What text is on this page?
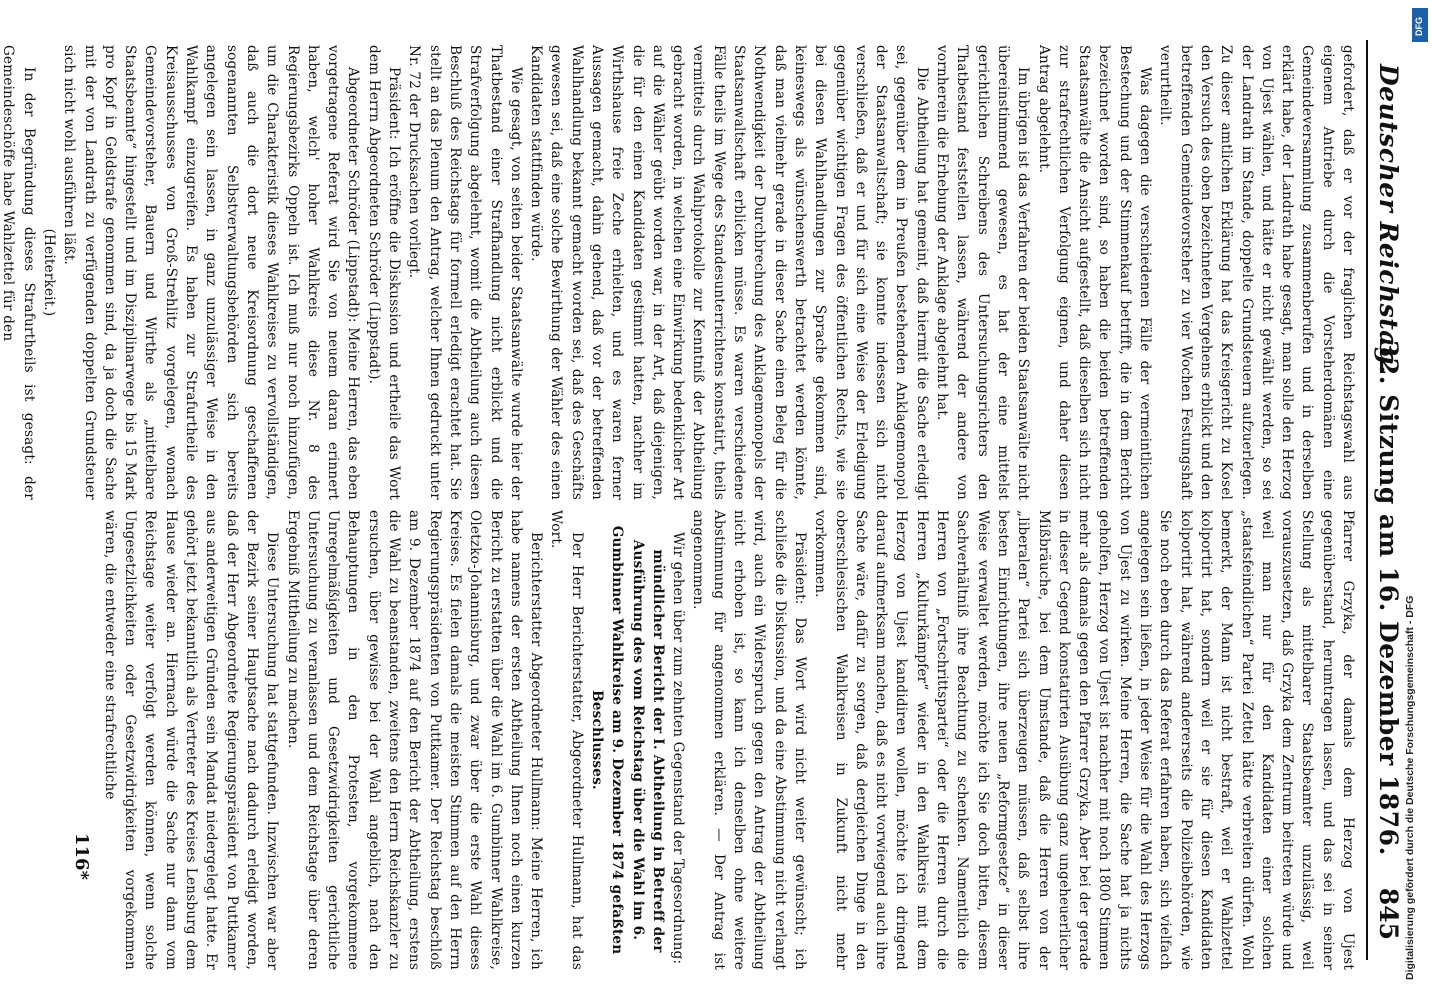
Deutscher Reichstag.
32. Sitzung am 16. Dezember 1876.
845

gefordert, daß er vor der fraglichen Reichstagswahl aus eigenem Antriebe durch die Vorsteherdomänen eine Gemeindeversammlung zusammenberufen und in derselben erklärt habe, der Landrath habe gesagt, man solle den Herzog von Ujest wählen, und hätte er nicht gewählt werden, so sei der Landrath im Stande, doppelte Grundsteuern aufzuerlegen. Zu dieser amtlichen Erklärung hat das Kreisgericht zu Kosel den Versuch des oben bezeichneten Vergehens erblickt und den betreffenden Gemeindevorsteher zu vier Wochen Festungshaft verurtheilt.

Was dagegen die verschiedenen Fälle der vermeintlichen Bestechung und der Stimmenkauf betrifft, die in dem Bericht bezeichnet worden sind, so haben die beiden betreffenden Staatsanwälte die Ansicht aufgestellt, daß dieselben sich nicht zur strafrechtlichen Verfolgung eignen, und daher diesen Antrag abgelehnt.

Im übrigen ist das Verfahren der beiden Staatsanwälte nicht übereinstimmend gewesen, es hat der eine mittelst gerichtlichen Schreibens des Untersuchungsrichters den Thatbestand feststellen lassen, während der andere von vornherein die Erhebung der Anklage abgelehnt hat.

Die Abtheilung hat gemeint, daß hiermit die Sache erledigt sei, gegenüber dem in Preußen bestehenden Anklagemonopol der Staatsanwaltschaft; sie konnte indessen sich nicht verschließen, daß er und für sich eine Weise der Erledigung gegenüber wichtigen Fragen des öffentlichen Rechts, wie sie bei diesen Wahlhandlungen zur Sprache gekommen sind, keineswegs als wünschenswerth betrachtet werden könnte, daß man vielmehr gerade in dieser Sache einen Beleg für die Nothwendigkeit der Durchbrechung des Anklagemonopols der Staatsanwaltschaft erblicken müsse. Es waren verschiedene Fälle theils im Wege des Standesunterrichtens konstatirt, theils vermittels durch Wahlprotokolle zur Kenntniß der Abtheilung gebracht worden, in welchen eine Einwirkung bedenklicher Art auf die Wähler geübt worden war, in der Art, daß diejenigen, die für den einen Kandidaten gestimmt hatten, nachher im Wirthshause freie Zeche erhielten, und es waren ferner Aussagen gemacht, dahin gehend, daß vor der betreffenden Wahlhandlung bekannt gemacht worden sei, daß des Geschäfts gewesen sei, daß eine solche Bewirthung der Wähler des einen Kandidaten stattfinden würde.

Wie gesagt, von seiten beider Staatsanwälte wurde hier der Thatbestand einer Strafhandlung nicht erblickt und die Strafverfolgung abgelehnt, womit die Abtheilung auch diesen Beschluß des Reichstags für formell erledigt erachtet hat. Sie stellt an das Plenum den Antrag, welcher Ihnen gedruckt unter Nr. 72 der Drucksachen vorliegt.

Präsident: Ich eröffne die Diskussion und ertheile das Wort dem Herrn Abgeordneten Schröder (Lippstadt).

Abgeordneter Schröder (Lippstadt): Meine Herren, das eben vorgetragene Referat wird Sie von neuem daran erinnert haben, welch' hoher Wahlkreis diese Nr. 8 des Regierungsbezirks Oppeln ist. Ich muß nur noch hinzufügen, um die Charakteristik dieses Wahlkreises zu vervollständigen, daß auch die dort neue Kreisordnung geschaffenen sogenannten Selbstverwaltungsbehörden sich bereits angelegen sein lassen, in ganz unzulässiger Weise in den Wahlkampf einzugreifen. Es haben zur Strafurtheile des Kreisausschusses von Groß-Strehlitz vorgelegen, wonach Gemeindevorsteher, Bauern und Wirthe als „mittelbare Staatsbeamte“ hingestellt und im Disziplinarwege bis 15 Mark pro Kopf in Geldstrafe genommen sind, da ja doch die Sache mit der von Landrath zu verfügenden doppelten Grundsteuer sich nicht wohl ausführen läßt.

(Heiterkeit.)

In der Begründung dieses Strafurtheils ist gesagt: der Gemeindeschöffe habe Wahlzettel für den

Pfarrer Grzyka, der damals dem Herzog von Ujest gegenüberstand, herumtragen lassen, und das sei in seiner Stellung als mittelbarer Staatsbeamter unzulässig, weil vorauszusetzen, daß Grzyka dem Zentrum beitreten würde und weil man nur für den Kandidaten einer solchen „staatsfeindlichen“ Partei Zettel hätte verbreiten dürfen. Wohl bemerkt, der Mann ist nicht bestraft, weil er Wahlzettel kolportirt hat, sondern weil er sie für diesen Kandidaten kolportirt hat, während andererseits die Polizeibehörden, wie Sie noch eben durch das Referat erfahren haben, sich vielfach angelegen sein ließen, in jeder Weise für die Wahl des Herzogs von Ujest zu wirken. Meine Herren, die Sache hat ja nichts geholfen, Herzog von Ujest ist nachher mit noch 1800 Stimmen mehr als damals gegen den Pfarrer Grzyka. Aber bei der gerade in dieser Gegend konstatirten Ausübung ganz ungeheuerlicher Mißbräuche, bei dem Umstande, daß die Herren von der „liberalen“ Partei sich überzeugen müssen, daß selbst ihre besten Einrichtungen, ihre neuen „Reformgesetze“ in dieser Weise verwaltet werden, möchte ich Sie doch bitten, diesem Sachverhältniß ihre Beachtung zu schenken. Namentlich die Herren von „Fortschrittspartei“ oder die Herren durch die Herren „Kulturkämpfer“ wieder in den Wahlkreis mit dem Herzog von Ujest kandidiren wollen, möchte ich dringend darauf aufmerksam machen, daß es nicht vorwiegend auch ihre Sache wäre, dafür zu sorgen, daß dergleichen Dinge in den oberschlesischen Wahlkreisen in Zukunft nicht mehr vorkommen.

Präsident: Das Wort wird nicht weiter gewünscht; ich schließe die Diskussion, und da eine Abstimmung nicht verlangt wird, auch ein Widerspruch gegen den Antrag der Abtheilung nicht erhoben ist, so kann ich denselben ohne weitere Abstimmung für angenommen erklären. — Der Antrag ist angenommen.

Wir gehen über zum zehnten Gegenstand der Tagesordnung:

mündlicher Bericht der I. Abtheilung in Betreff der Ausführung des vom Reichstag über die Wahl im 6. Gumbinner Wahlkreise am 9. Dezember 1874 gefaßten Beschlusses.

Der Herr Berichterstatter, Abgeordneter Hullmann, hat das Wort.

Berichterstatter Abgeordneter Hullmann: Meine Herren, ich habe namens der ersten Abtheilung Ihnen noch einen kurzen Bericht zu erstatten über die Wahl im 6. Gumbinner Wahlkreise, Oletzko-Johannisburg, und zwar über die erste Wahl dieses Kreises. Es fielen damals die meisten Stimmen auf den Herrn Regierungspräsidenten von Puttkamer. Der Reichstag beschloß am 9. Dezember 1874 auf den Bericht der Abtheilung, erstens die Wahl zu beanstanden, zweitens den Herrn Reichskanzler zu ersuchen, über gewisse bei der Wahl angeblich, nach den Behauptungen in den Protesten, vorgekommene Unregelmäßigkeiten und Gesetzwidrigkeiten gerichtliche Untersuchung zu veranlassen und dem Reichstage über deren Ergebniß Mittheilung zu machen.

Diese Untersuchung hat stattgefunden. Inzwischen war aber der Bezirk seiner Hauptsache nach dadurch erledigt worden, daß der Herr Abgeordnete Regierungspräsident von Puttkamer aus anderweitigen Gründen sein Mandat niedergelegt hatte. Er gehört jetzt bekanntlich als Vertreter des Kreises Lensburg dem Hause wieder an. Hiernach würde die Sache nur dann vom Reichstage weiter verfolgt werden können, wenn solche Ungesetzlichkeiten oder Gesetzwidrigkeiten vorgekommen wären, die entweder eine strafrechtliche

116*
DFG
Digitalisierung gefördert durch die Deutsche Forschungsgemeinschaft - DFG
